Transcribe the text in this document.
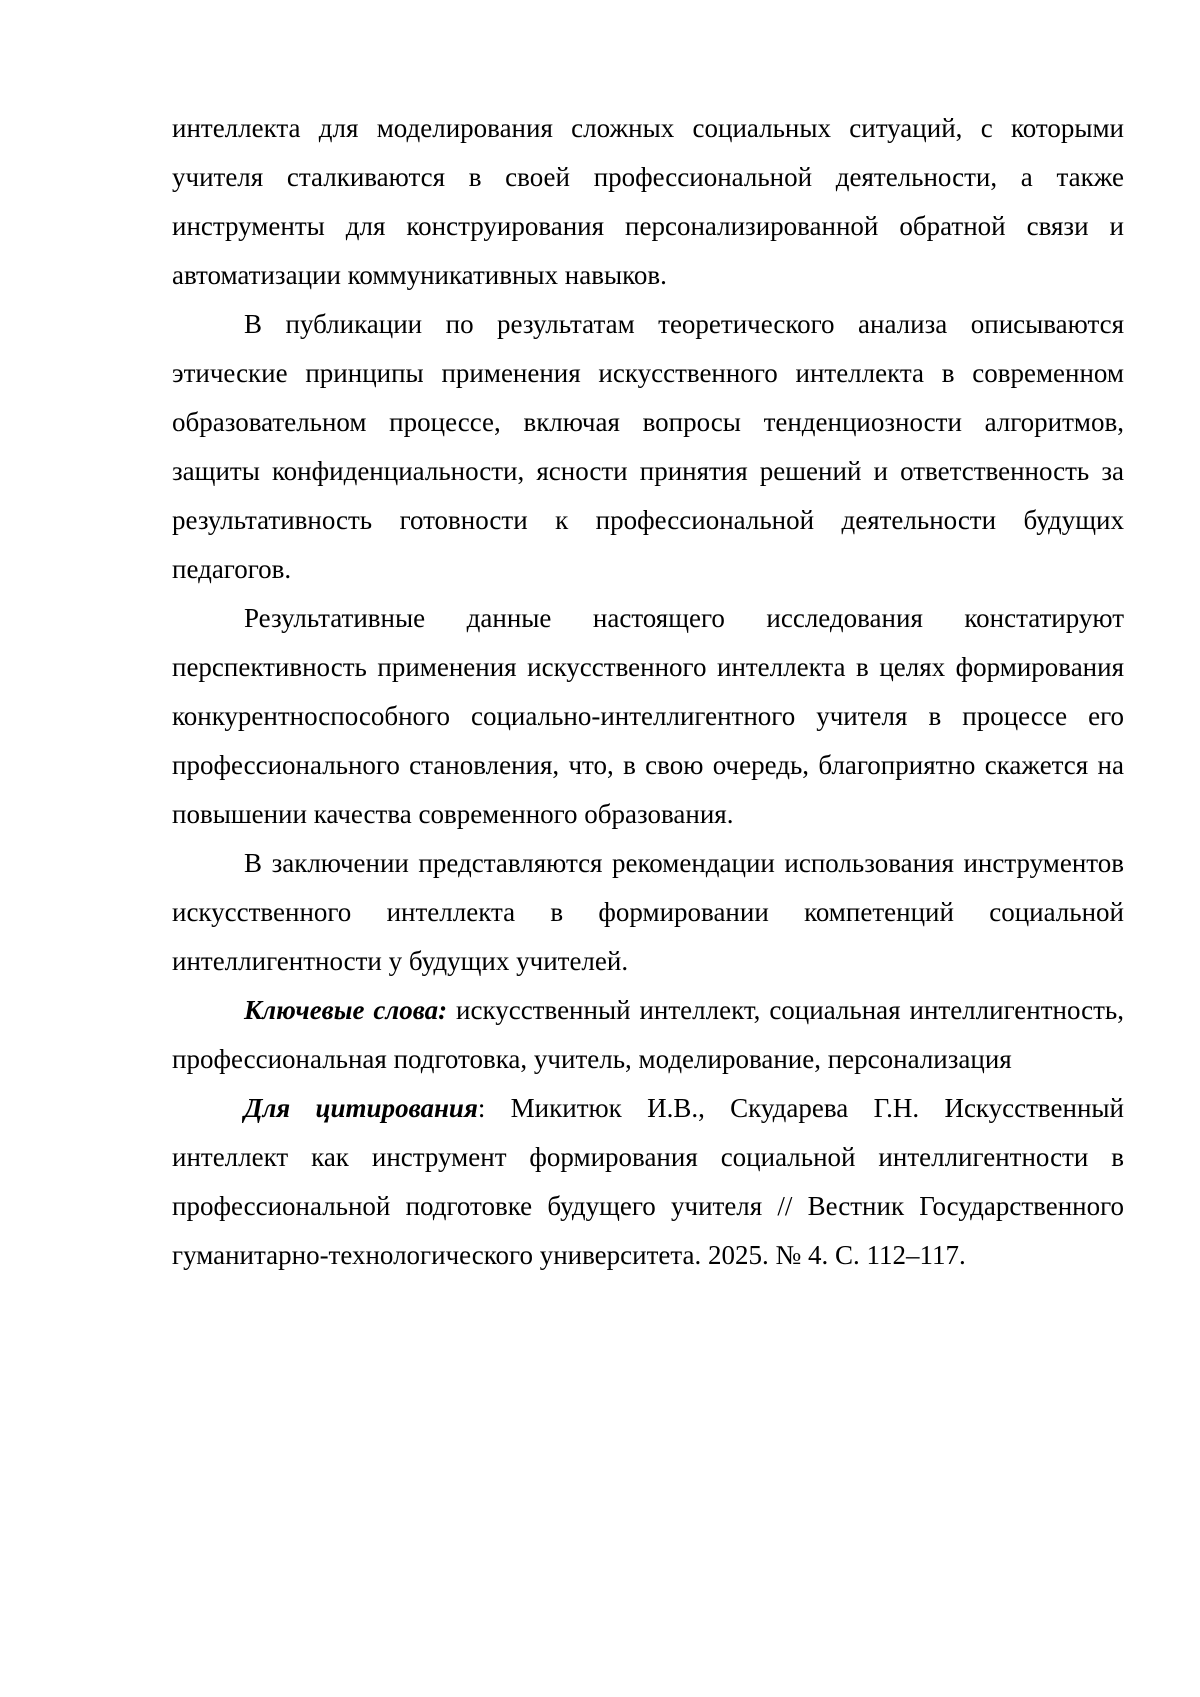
интеллекта для моделирования сложных социальных ситуаций, с которыми учителя сталкиваются в своей профессиональной деятельности, а также инструменты для конструирования персонализированной обратной связи и автоматизации коммуникативных навыков.

В публикации по результатам теоретического анализа описываются этические принципы применения искусственного интеллекта в современном образовательном процессе, включая вопросы тенденциозности алгоритмов, защиты конфиденциальности, ясности принятия решений и ответственность за результативность готовности к профессиональной деятельности будущих педагогов.

Результативные данные настоящего исследования констатируют перспективность применения искусственного интеллекта в целях формирования конкурентноспособного социально-интеллигентного учителя в процессе его профессионального становления, что, в свою очередь, благоприятно скажется на повышении качества современного образования.

В заключении представляются рекомендации использования инструментов искусственного интеллекта в формировании компетенций социальной интеллигентности у будущих учителей.

Ключевые слова: искусственный интеллект, социальная интеллигентность, профессиональная подготовка, учитель, моделирование, персонализация

Для цитирования: Микитюк И.В., Скударева Г.Н. Искусственный интеллект как инструмент формирования социальной интеллигентности в профессиональной подготовке будущего учителя // Вестник Государственного гуманитарно-технологического университета. 2025. № 4. С. 112–117.
